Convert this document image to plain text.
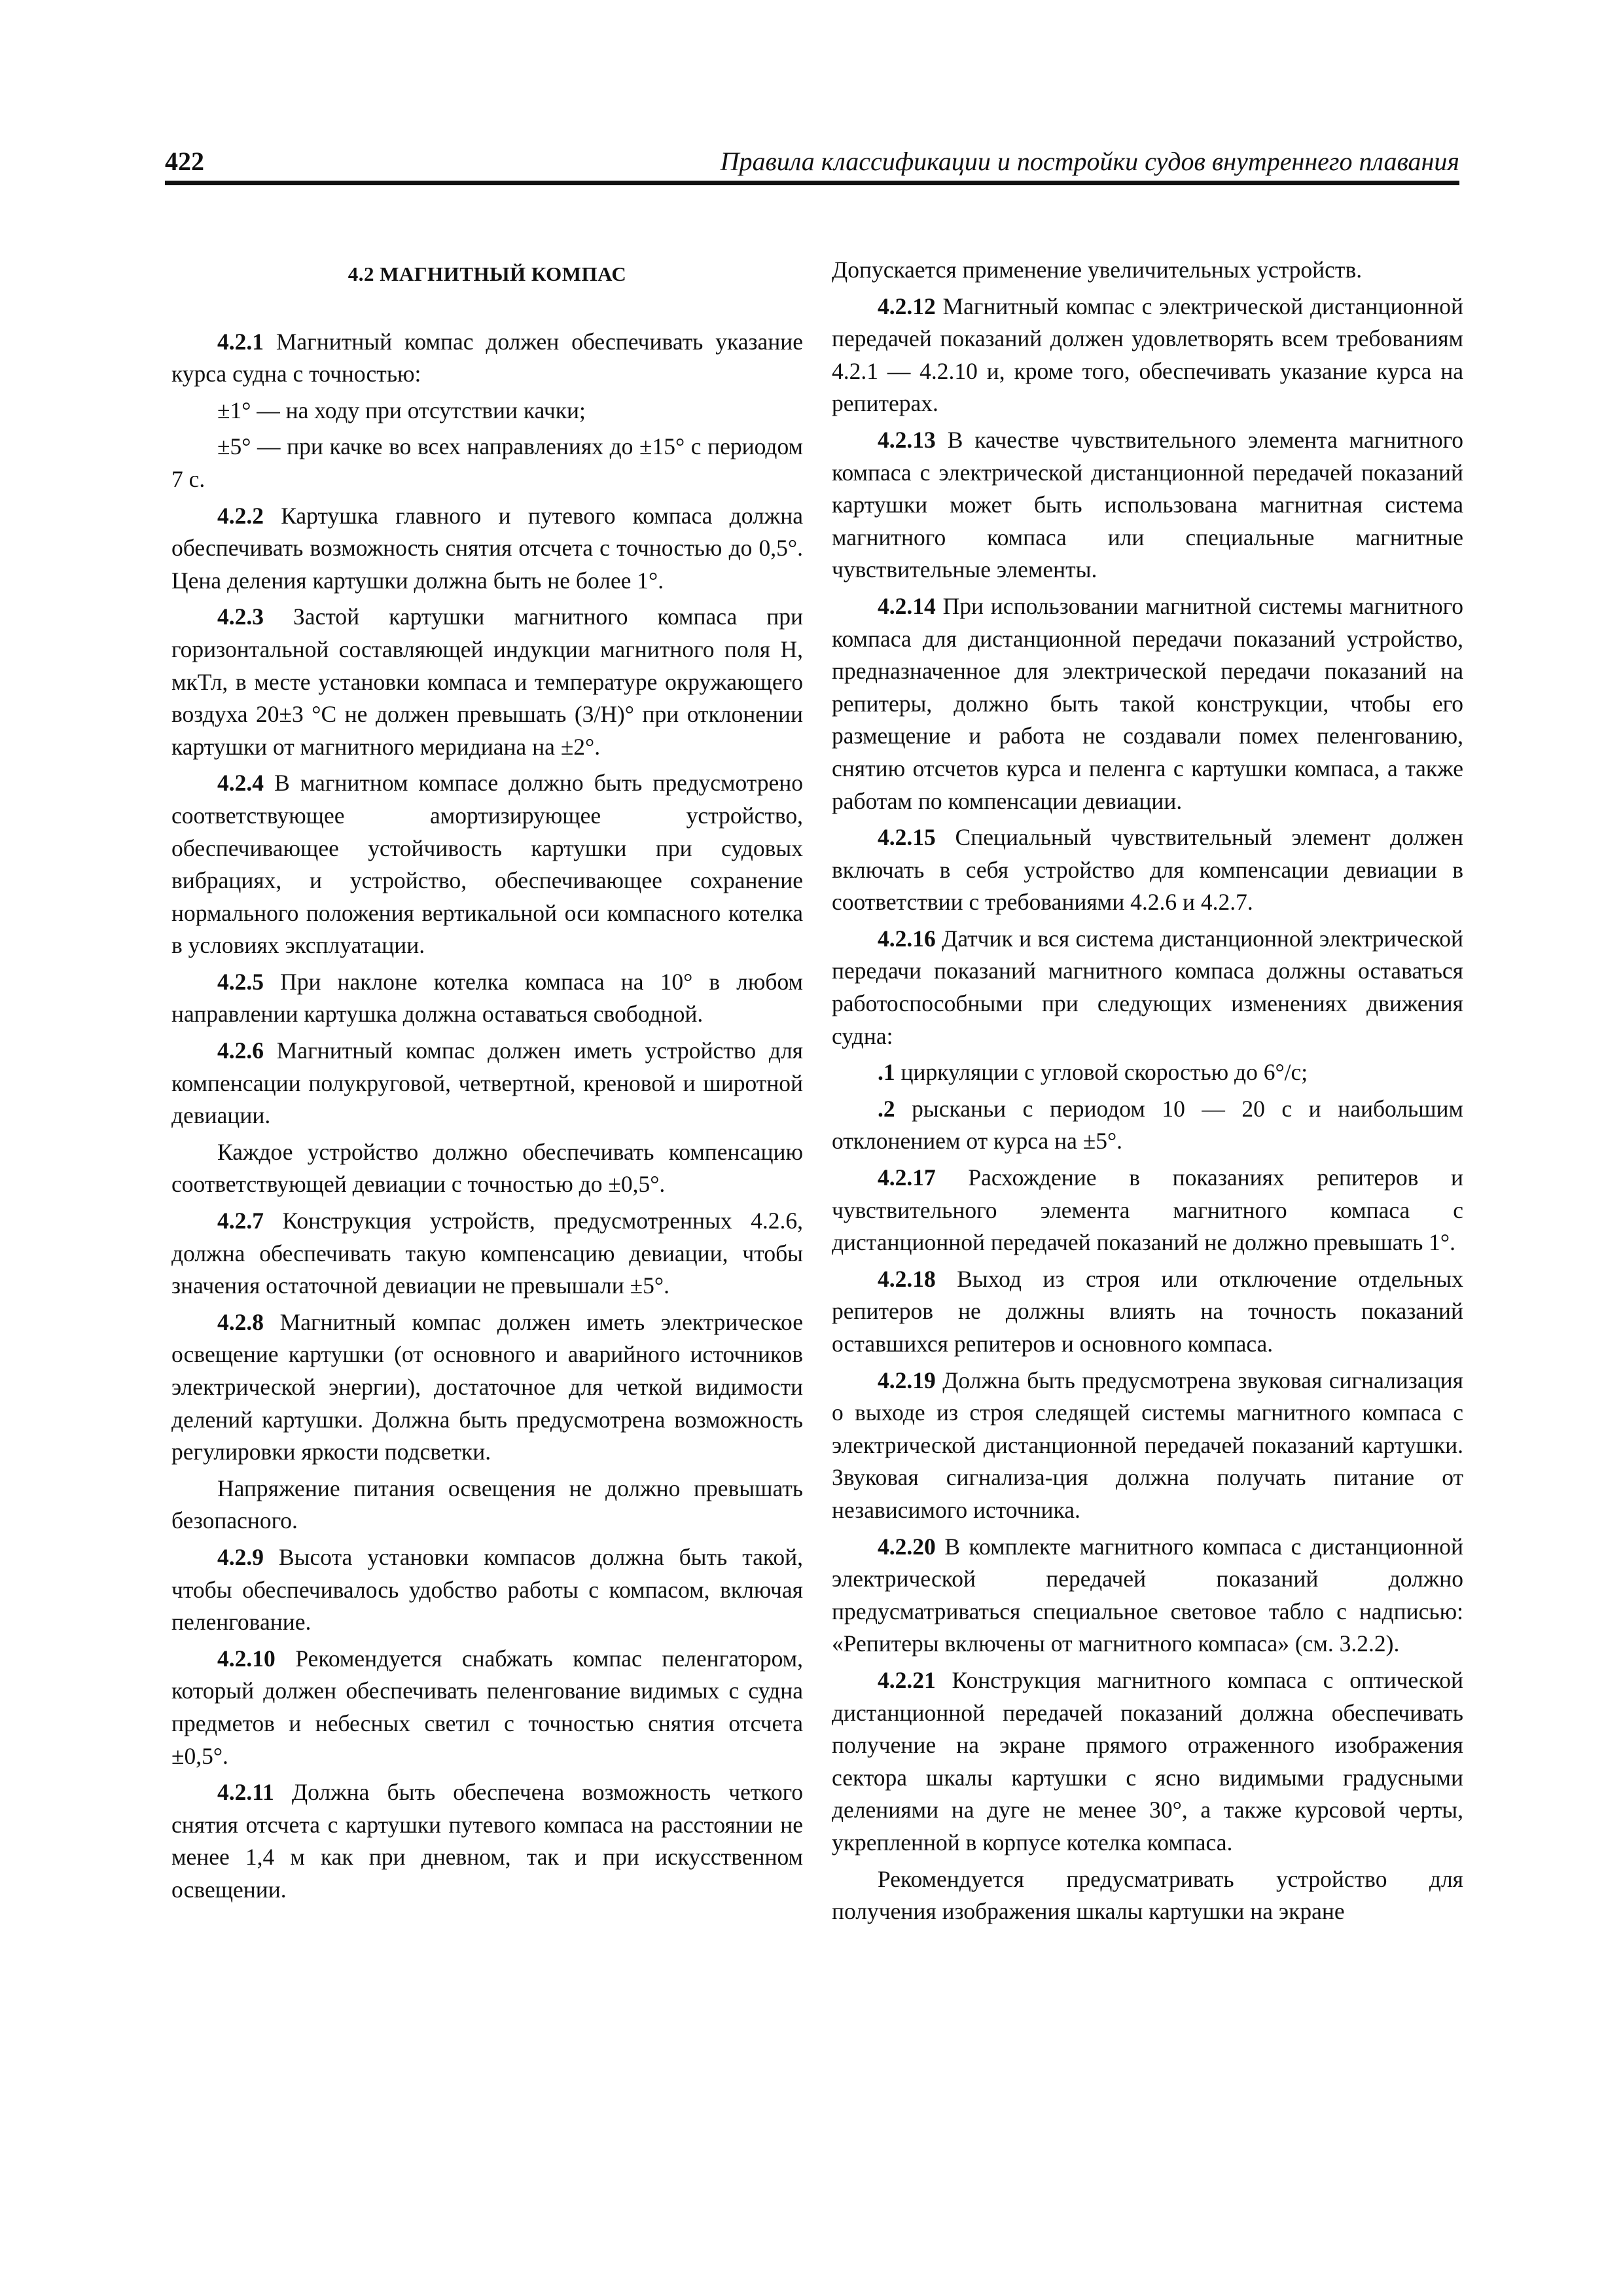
422	Правила классификации и постройки судов внутреннего плавания
4.2 МАГНИТНЫЙ КОМПАС

4.2.1 Магнитный компас должен обеспечивать указание курса судна с точностью:

±1° — на ходу при отсутствии качки;

±5° — при качке во всех направлениях до ±15° с периодом 7 с.

4.2.2 Картушка главного и путевого компаса должна обеспечивать возможность снятия отсчета с точностью до 0,5°. Цена деления картушки должна быть не более 1°.

4.2.3 Застой картушки магнитного компаса при горизонтальной составляющей индукции магнитного поля Н, мкТл, в месте установки компаса и температуре окружающего воздуха 20±3 °С не должен превышать (3/Н)° при отклонении картушки от магнитного меридиана на ±2°.

4.2.4 В магнитном компасе должно быть предусмотрено соответствующее амортизирующее устройство, обеспечивающее устойчивость картушки при судовых вибрациях, и устройство, обеспечивающее сохранение нормального положения вертикальной оси компасного котелка в условиях эксплуатации.

4.2.5 При наклоне котелка компаса на 10° в любом направлении картушка должна оставаться свободной.

4.2.6 Магнитный компас должен иметь устройство для компенсации полукруговой, четвертной, креновой и широтной девиации.

Каждое устройство должно обеспечивать компенсацию соответствующей девиации с точностью до ±0,5°.

4.2.7 Конструкция устройств, предусмотренных 4.2.6, должна обеспечивать такую компенсацию девиации, чтобы значения остаточной девиации не превышали ±5°.

4.2.8 Магнитный компас должен иметь электрическое освещение картушки (от основного и аварийного источников электрической энергии), достаточное для четкой видимости делений картушки. Должна быть предусмотрена возможность регулировки яркости подсветки.

Напряжение питания освещения не должно превышать безопасного.

4.2.9 Высота установки компасов должна быть такой, чтобы обеспечивалось удобство работы с компасом, включая пеленгование.

4.2.10 Рекомендуется снабжать компас пеленгатором, который должен обеспечивать пеленгование видимых с судна предметов и небесных светил с точностью снятия отсчета ±0,5°.

4.2.11 Должна быть обеспечена возможность четкого снятия отсчета с картушки путевого компаса на расстоянии не менее 1,4 м как при дневном, так и при искусственном освещении.

Допускается применение увеличительных устройств.

4.2.12 Магнитный компас с электрической дистанционной передачей показаний должен удовлетворять всем требованиям 4.2.1 — 4.2.10 и, кроме того, обеспечивать указание курса на репитерах.

4.2.13 В качестве чувствительного элемента магнитного компаса с электрической дистанционной передачей показаний картушки может быть использована магнитная система магнитного компаса или специальные магнитные чувствительные элементы.

4.2.14 При использовании магнитной системы магнитного компаса для дистанционной передачи показаний устройство, предназначенное для электрической передачи показаний на репитеры, должно быть такой конструкции, чтобы его размещение и работа не создавали помех пеленгованию, снятию отсчетов курса и пеленга с картушки компаса, а также работам по компенсации девиации.

4.2.15 Специальный чувствительный элемент должен включать в себя устройство для компенсации девиации в соответствии с требованиями 4.2.6 и 4.2.7.

4.2.16 Датчик и вся система дистанционной электрической передачи показаний магнитного компаса должны оставаться работоспособными при следующих изменениях движения судна:

.1 циркуляции с угловой скоростью до 6°/с;

.2 рысканьи с периодом 10 — 20 с и наибольшим отклонением от курса на ±5°.

4.2.17 Расхождение в показаниях репитеров и чувствительного элемента магнитного компаса с дистанционной передачей показаний не должно превышать 1°.

4.2.18 Выход из строя или отключение отдельных репитеров не должны влиять на точность показаний оставшихся репитеров и основного компаса.

4.2.19 Должна быть предусмотрена звуковая сигнализация о выходе из строя следящей системы магнитного компаса с электрической дистанционной передачей показаний картушки. Звуковая сигнализа-ция должна получать питание от независимого источника.

4.2.20 В комплекте магнитного компаса с дистанционной электрической передачей показаний должно предусматриваться специальное световое табло с надписью: «Репитеры включены от магнитного компаса» (см. 3.2.2).

4.2.21 Конструкция магнитного компаса с оптической дистанционной передачей показаний должна обеспечивать получение на экране прямого отраженного изображения сектора шкалы картушки с ясно видимыми градусными делениями на дуге не менее 30°, а также курсовой черты, укрепленной в корпусе котелка компаса.

Рекомендуется предусматривать устройство для получения изображения шкалы картушки на экране
